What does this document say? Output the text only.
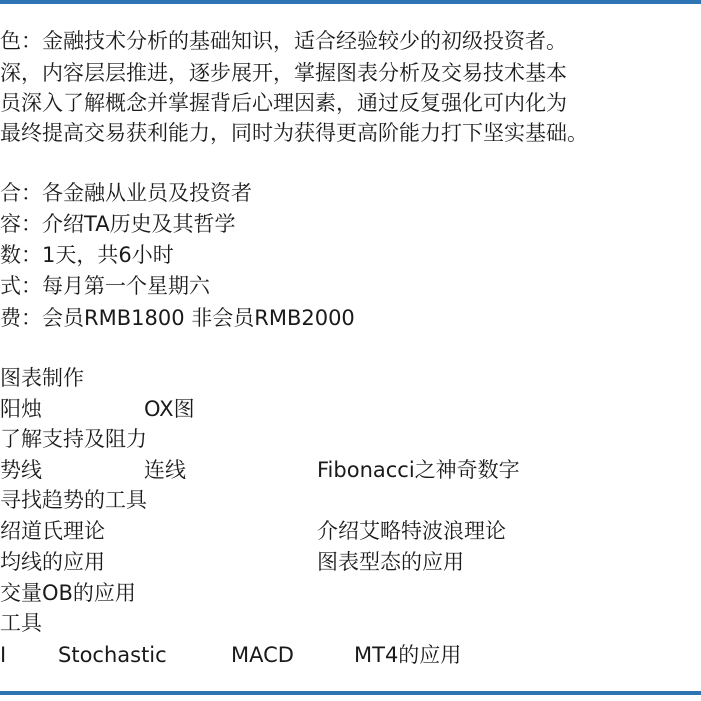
色：金融技术分析的基础知识，适合经验较少的初级投资者。

深，内容层层推进，逐步展开，掌握图表分析及交易技术基本

员深入了解概念并掌握背后心理因素，通过反复强化可内化为

最终提高交易获利能力，同时为获得更高阶能力打下坚实基础。

合：各金融从业员及投资者

容：介绍TA历史及其哲学

数：1天，共6小时

式：每月第一个星期六

费：会员RMB1800 非会员RMB2000

图表制作
阳烛	OX图
了解支持及阻力
势线	连线	Fibonacci之神奇数字
寻找趋势的工具
绍道氏理论	介绍艾略特波浪理论
均线的应用	图表型态的应用
交量OB的应用
工具
I Stochastic	MACD	MT4的应用
